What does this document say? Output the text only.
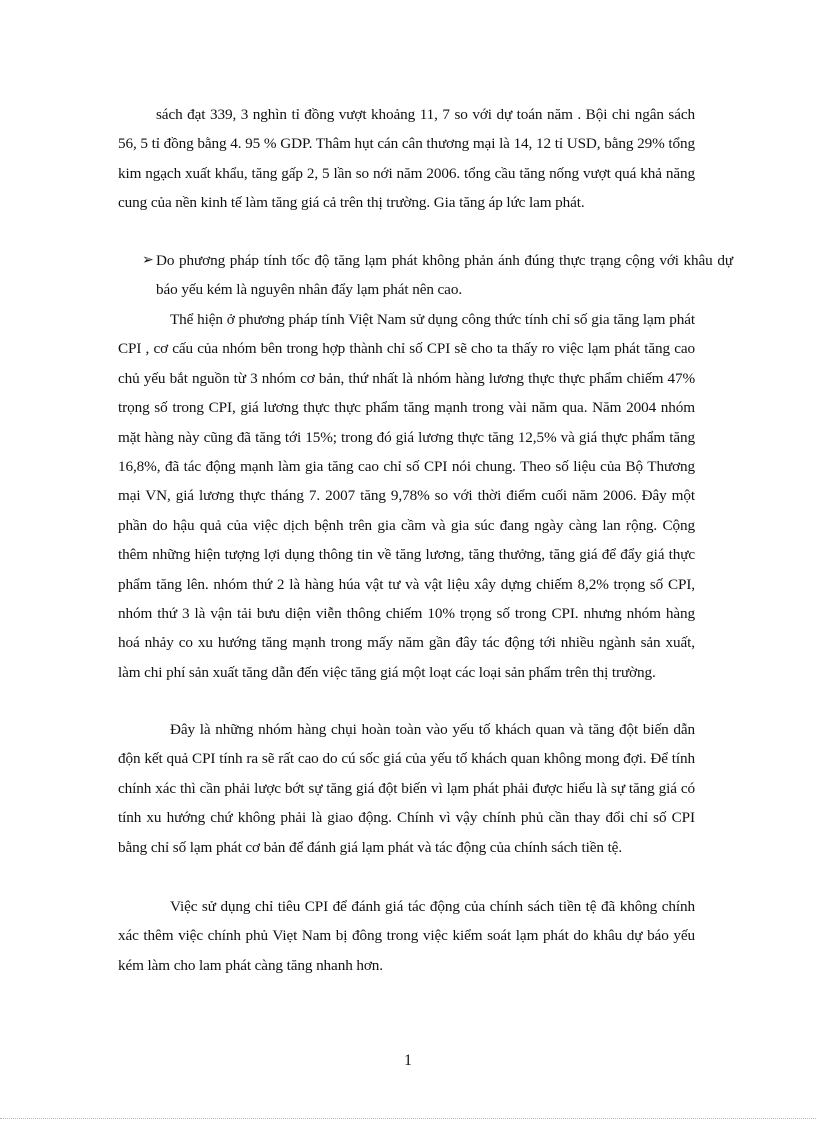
sách đạt 339, 3 nghìn tỉ đồng vượt khoảng 11, 7 so với dự toán năm . Bội chi ngân sách 56, 5 tỉ đồng bằng 4. 95 % GDP. Thâm hụt cán cân thương mại là 14, 12 tỉ USD, bằng 29% tổng kim ngạch xuất khẩu, tăng gấp 2, 5 lần so nới năm 2006. tổng cầu tăng nống vượt quá khả năng cung của nền kinh tế làm tăng giá cả trên thị trường. Gia tăng áp lức lam phát.

➢ Do phương pháp tính tốc độ tăng lạm phát không phản ánh đúng thực trạng cộng với khâu dự báo yếu kém là nguyên nhân đẩy lạm phát nên cao.

Thể hiện ở phương pháp tính Việt Nam sử dụng công thức tính chỉ số gia tăng lạm phát CPI , cơ cấu của nhóm bên trong hợp thành chỉ số CPI sẽ cho ta thấy ro việc lạm phát tăng cao chủ yếu bắt nguồn từ 3 nhóm cơ bản, thứ nhất là nhóm hàng lương thực thực phẩm chiếm 47% trọng số trong CPI, giá lương thực thực phẩm tăng mạnh trong vài năm qua. Năm 2004 nhóm mặt hàng này cũng đã tăng tới 15%; trong đó giá lương thực tăng 12,5% và giá thực phẩm tăng 16,8%, đã tác động mạnh làm gia tăng cao chỉ số CPI nói chung. Theo số liệu của Bộ Thương mại VN, giá lương thực tháng 7. 2007 tăng 9,78% so với thời điểm cuối năm 2006. Đây một phần do hậu quả của việc dịch bệnh trên gia cầm và gia súc đang ngày càng lan rộng. Cộng thêm những hiện tượng lợi dụng thông tin về tăng lương, tăng thưởng, tăng giá để đẩy giá thực phẩm tăng lên. nhóm thứ 2 là hàng húa vật tư và vật liệu xây dựng chiếm 8,2% trọng số CPI, nhóm thứ 3 là vận tải bưu diện viễn thông chiếm 10% trọng số trong CPI. nhưng nhóm hàng hoá nhảy co xu hướng tăng mạnh trong mấy năm gần đây tác động tới nhiều ngành sản xuất, làm chi phí sản xuất tăng dẫn đến việc tăng giá một loạt các loại sản phẩm trên thị trường.

Đây là những nhóm hàng chụi hoàn toàn vào yếu tố khách quan và tăng đột biến dẫn độn kết quả CPI tính ra sẽ rất cao do cú sốc giá của yếu tố khách quan không mong đợi. Để tính chính xác thì cần phải lược bớt sự tăng giá đột biến vì lạm phát phải được hiểu là sự tăng giá có tính xu hướng chứ không phải là giao động. Chính vì vậy chính phủ cần thay đổi chỉ số CPI bằng chỉ số lạm phát cơ bản để đánh giá lạm phát và tác động của chính sách tiền tệ.

Việc sử dụng chỉ tiêu CPI để đánh giá tác động của chính sách tiền tệ đã không chính xác thêm việc chính phủ Viẹt Nam bị đông trong việc kiểm soát lạm phát do khâu dự báo yếu kém làm cho lam phát càng tăng nhanh hơn.

1
